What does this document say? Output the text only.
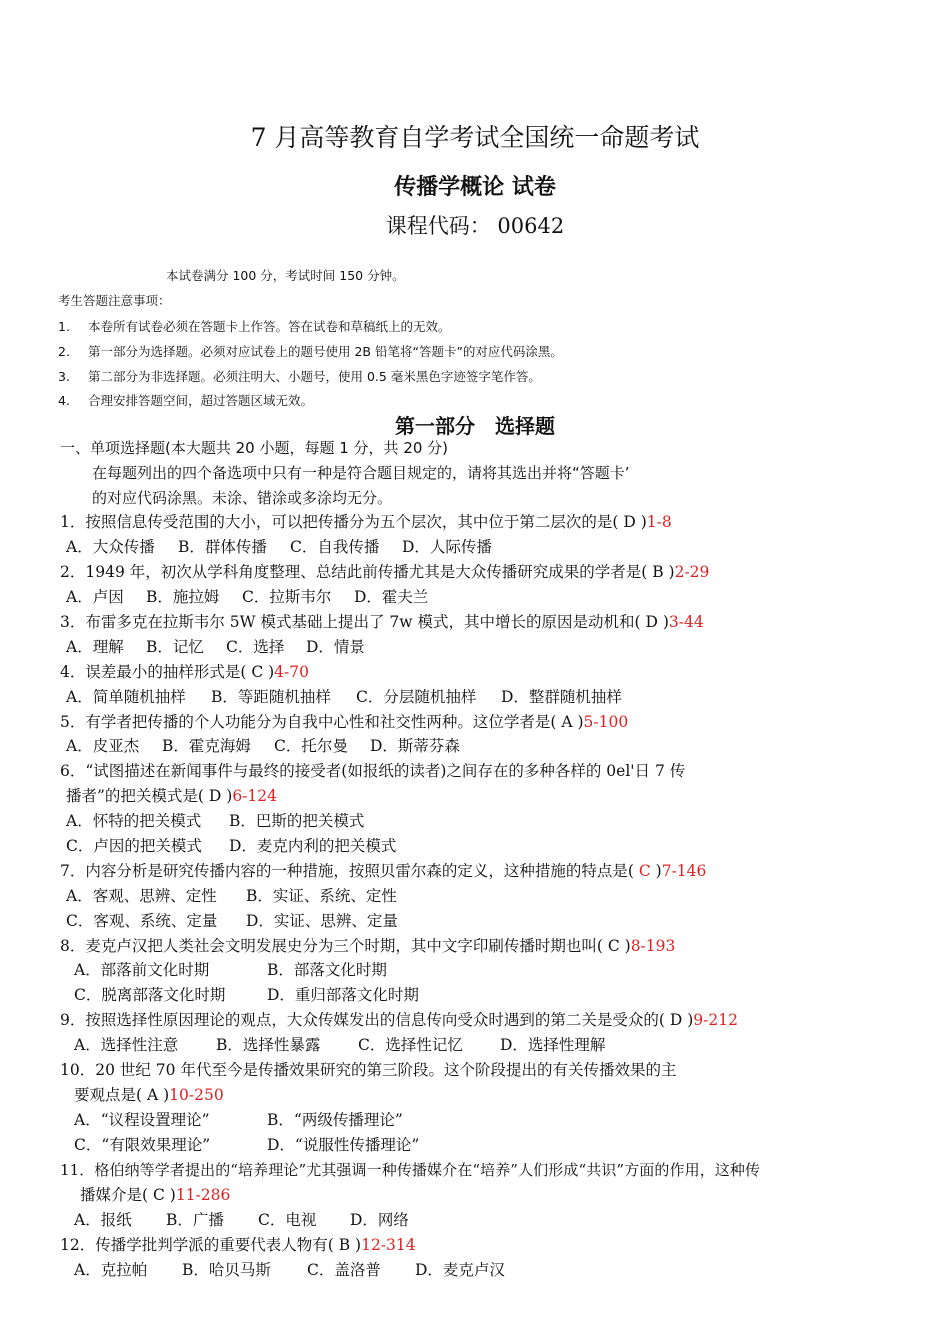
7 月高等教育自学考试全国统一命题考试
传播学概论 试卷
课程代码： 00642
本试卷满分 100 分，考试时间 150 分钟。
考生答题注意事项：
1. 本卷所有试卷必须在答题卡上作答。答在试卷和草稿纸上的无效。
2. 第一部分为选择题。必须对应试卷上的题号使用 2B 铅笔将“答题卡”的对应代码涂黑。
3. 第二部分为非选择题。必须注明大、小题号，使用 0.5 毫米黑色字迹签字笔作答。
4. 合理安排答题空间，超过答题区域无效。
第一部分　选择题
一、单项选择题(本大题共 20 小题，每题 1 分，共 20 分)
在每题列出的四个备选项中只有一种是符合题目规定的，请将其选出并将“答题卡’
的对应代码涂黑。未涂、错涂或多涂均无分。
1．按照信息传受范围的大小，可以把传播分为五个层次，其中位于第二层次的是( D )1-8
A．大众传播 B．群体传播 C．自我传播 D．人际传播
2．1949 年，初次从学科角度整理、总结此前传播尤其是大众传播研究成果的学者是( B )2-29
A．卢因 B．施拉姆 C．拉斯韦尔 D．霍夫兰
3．布雷多克在拉斯韦尔 5W 模式基础上提出了 7w 模式，其中增长的原因是动机和( D )3-44
A．理解 B．记忆 C．选择 D．情景
4．误差最小的抽样形式是( C )4-70
A．简单随机抽样 B．等距随机抽样 C．分层随机抽样 D．整群随机抽样
5．有学者把传播的个人功能分为自我中心性和社交性两种。这位学者是( A )5-100
A．皮亚杰 B．霍克海姆 C．托尔曼 D．斯蒂芬森
6．“试图描述在新闻事件与最终的接受者(如报纸的读者)之间存在的多种各样的 0el'日 7 传
播者”的把关模式是( D )6-124
A．怀特的把关模式 B．巴斯的把关模式
C．卢因的把关模式 D．麦克内利的把关模式
7．内容分析是研究传播内容的一种措施，按照贝雷尔森的定义，这种措施的特点是( C )7-146
A．客观、思辨、定性 B．实证、系统、定性
C．客观、系统、定量 D．实证、思辨、定量
8．麦克卢汉把人类社会文明发展史分为三个时期，其中文字印刷传播时期也叫( C )8-193
A．部落前文化时期	B．部落文化时期
C．脱离部落文化时期	D．重归部落文化时期
9．按照选择性原因理论的观点，大众传媒发出的信息传向受众时遇到的第二关是受众的( D )9-212
A．选择性注意 B．选择性暴露 C．选择性记忆 D．选择性理解
10．20 世纪 70 年代至今是传播效果研究的第三阶段。这个阶段提出的有关传播效果的主
要观点是( A )10-250
A．“议程设置理论”	B．“两级传播理论”
C．“有限效果理论”	D．“说服性传播理论”
11．格伯纳等学者提出的“培养理论”尤其强调一种传播媒介在“培养”人们形成“共识”方面的作用，这种传
播媒介是( C )11-286
A．报纸 B．广播 C．电视 D．网络
12．传播学批判学派的重要代表人物有( B )12-314
A．克拉帕 B．哈贝马斯 C．盖洛普 D．麦克卢汉
